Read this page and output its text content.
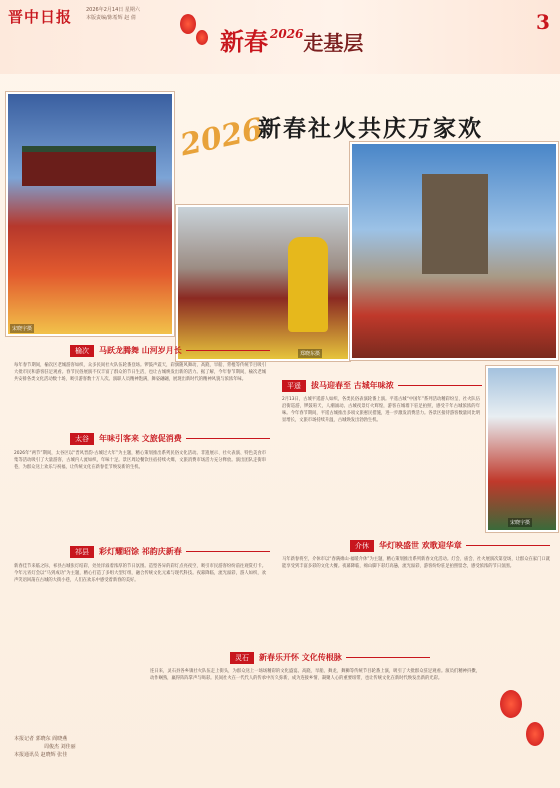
晋中日报	2026年2月14日 星期六
本版责编/陈希辉 赵 倩
新春 $^{2026}$走基层
3
2026
新春社火共庆万家欢
宋晓宇摄
郑晓东摄
宋晓宇摄
榆次	马跃龙腾舞 山河岁月长
每年春节期间，榆次区老城游客如织，众多民间社火队伍轮番登场。锣鼓声震天，彩旗随风舞动，高跷、旱船、背棍等传统节目吸引大批市民和游客驻足观看。春节民俗展演不仅丰富了群众的节日生活，也让古城焕发出新的活力。据了解，今年春节期间，榆次老城共安排各类文化活动数十场，吸引游客数十万人次。演职人员精神饱满，舞姿翩翩，展现出新时代的精神风貌与浓浓年味。
太谷	年味引客来 文旅促消费
2026年“两节”期间，太谷区以“晋风晋韵·古城过大年”为主题，精心策划推出系列民俗文化活动。非遗展示、社火表演、特色美食市集等活动吸引了大量游客，古城内人流如织，年味十足。景区周边餐饮住宿持续火爆，文旅消费市场活力充分释放。演出团队走街串巷，为群众送上欢乐与祝福，让传统文化在新春佳节焕发新的生机。
祁县	彩灯耀昭馀 祁韵庆新春
新春佳节来临之际，祁县古城张灯结彩，处处洋溢着浓厚的节日氛围。造型各异的彩灯点亮夜空，吸引市民游客纷纷前往观赏打卡。今年元宵灯会以“马到成功”为主题，精心打造了多组大型灯组，融合传统文化元素与现代科技。夜幕降临，流光溢彩，游人如织，欢声笑语回荡在古城的大街小巷，人们在欢乐中感受着新春的美好。
平遥	拔马迎春至 古城年味浓
2月13日，古城平遥游人如织，各类民俗表演轮番上演。平遥古城“中国年”系列活动精彩纷呈，社火队伍沿街巡游，锣鼓喧天，人潮涌动。古城夜景灯火辉煌，游客在城墙下驻足拍照，感受千年古城浓浓的年味。今年春节期间，平遥古城推出多项文旅惠民措施，进一步激发消费活力。各景区接待游客数量同比明显增长，文旅市场持续升温，古城焕发出勃勃生机。
介休	华灯映盛世 欢歌迎华章
马年新春将至，介休市以“春满绵山·福暖介休”为主题，精心策划推出系列新春文化活动。灯会、庙会、社火展演次第登场，让群众在家门口就能享受到丰富多彩的文化大餐。夜幕降临，绵山脚下彩灯高悬，流光溢彩，游客纷纷驻足拍照留念，感受浓浓的节日氛围。
灵石	新春乐开怀 文化传根脉
连日来，灵石县各乡镇社火队伍走上街头，为群众送上一场场精彩的文化盛宴。高跷、旱船、舞龙、舞狮等传统节目轮番上演，吸引了大批群众驻足观看。演员们精神抖擞，动作娴熟，赢得阵阵掌声与喝彩。民间社火在一代代人的传承中历久弥新，成为连接乡情、凝聚人心的重要纽带，也让传统文化在新时代焕发出新的光彩。
本报记者 郭晓东 阎晓燕
周俊杰 刘佳丽
本报通讯员 赵晓辉 张佳
